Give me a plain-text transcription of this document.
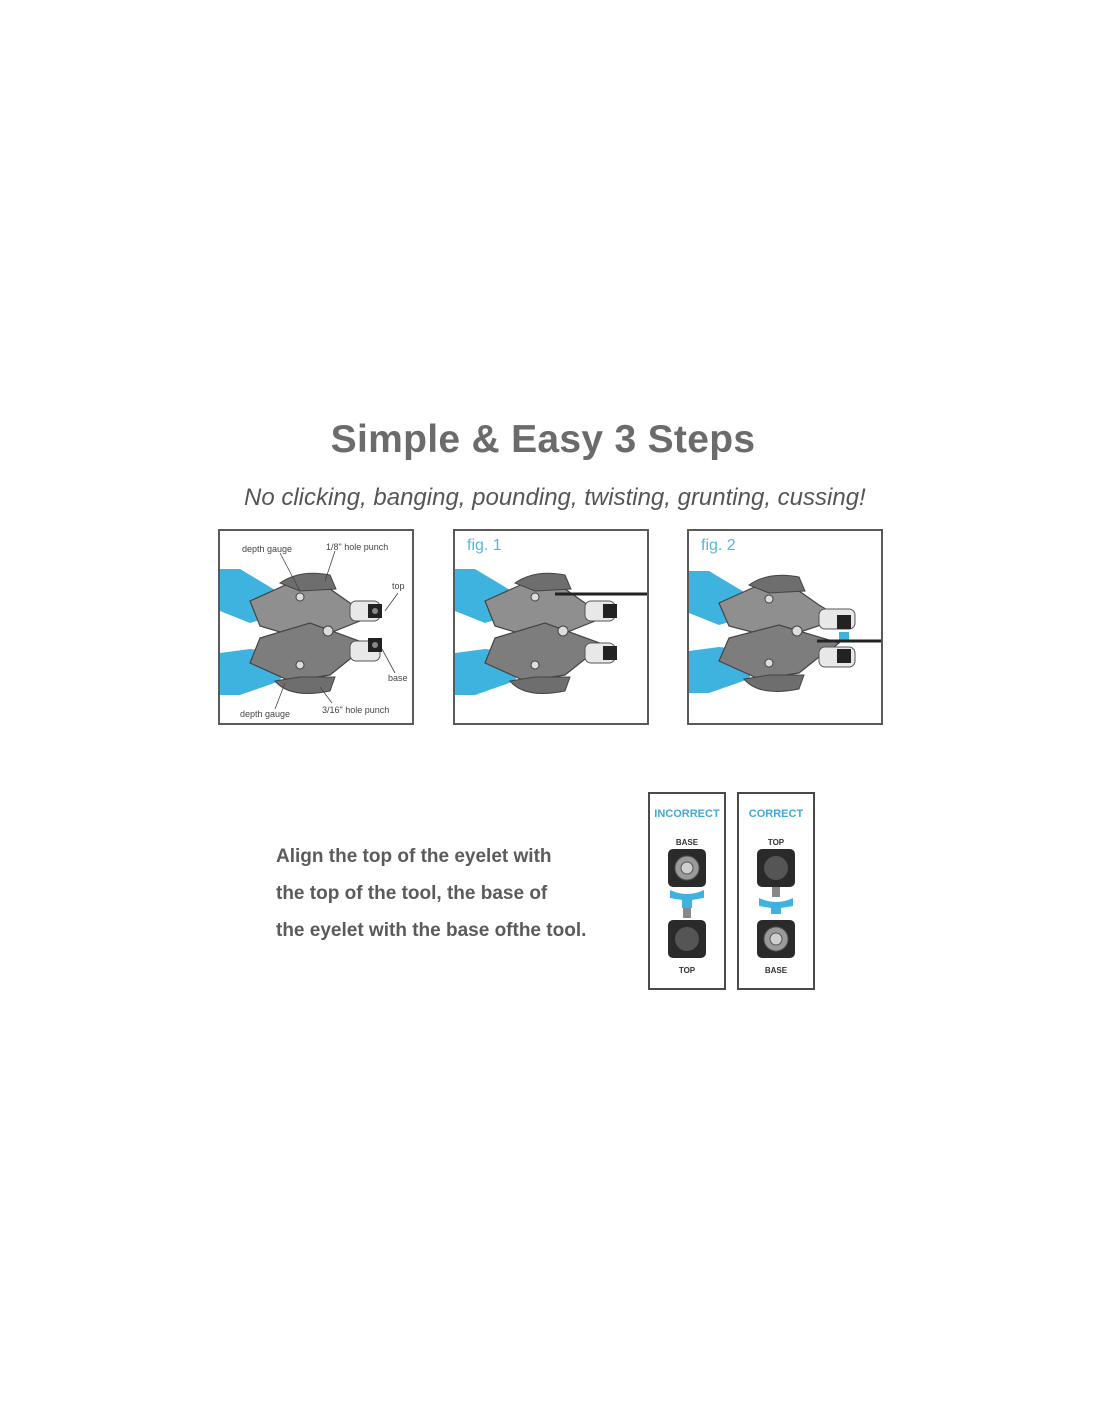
Simple & Easy 3 Steps
No clicking, banging, pounding, twisting, grunting, cussing!
depth gauge	1/8" hole punch
top
base
depth gauge	3/16" hole punch
fig. 1	fig. 2
Align the top of the eyelet with
the top of the tool, the base of
the eyelet with the base ofthe tool.
INCORRECT
BASE
TOP
CORRECT
TOP
BASE
